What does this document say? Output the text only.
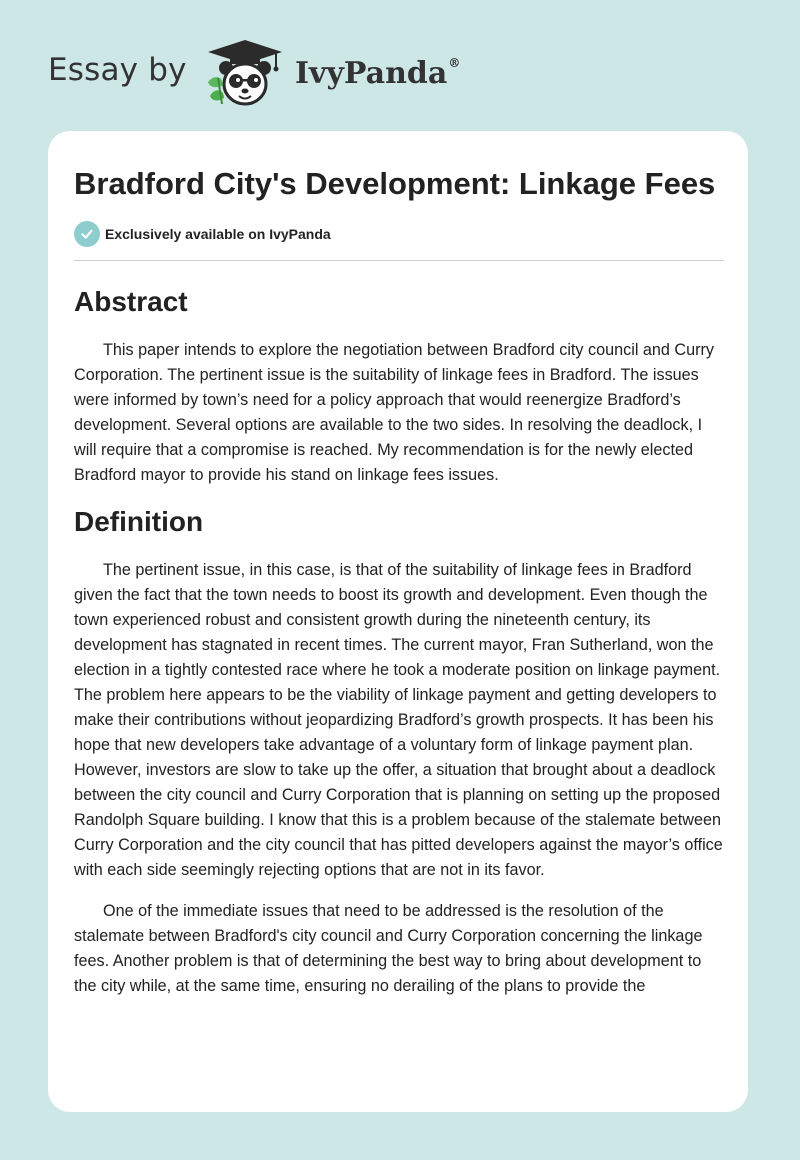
Essay by	IvyPanda®
Bradford City's Development: Linkage Fees
Exclusively available on IvyPanda
Abstract

This paper intends to explore the negotiation between Bradford city council and Curry Corporation. The pertinent issue is the suitability of linkage fees in Bradford. The issues were informed by town’s need for a policy approach that would reenergize Bradford’s development. Several options are available to the two sides. In resolving the deadlock, I will require that a compromise is reached. My recommendation is for the newly elected Bradford mayor to provide his stand on linkage fees issues.

Definition

The pertinent issue, in this case, is that of the suitability of linkage fees in Bradford given the fact that the town needs to boost its growth and development. Even though the town experienced robust and consistent growth during the nineteenth century, its development has stagnated in recent times. The current mayor, Fran Sutherland, won the election in a tightly contested race where he took a moderate position on linkage payment. The problem here appears to be the viability of linkage payment and getting developers to make their contributions without jeopardizing Bradford’s growth prospects. It has been his hope that new developers take advantage of a voluntary form of linkage payment plan. However, investors are slow to take up the offer, a situation that brought about a deadlock between the city council and Curry Corporation that is planning on setting up the proposed Randolph Square building. I know that this is a problem because of the stalemate between Curry Corporation and the city council that has pitted developers against the mayor’s office with each side seemingly rejecting options that are not in its favor.

One of the immediate issues that need to be addressed is the resolution of the stalemate between Bradford's city council and Curry Corporation concerning the linkage fees. Another problem is that of determining the best way to bring about development to the city while, at the same time, ensuring no derailing of the plans to provide the
